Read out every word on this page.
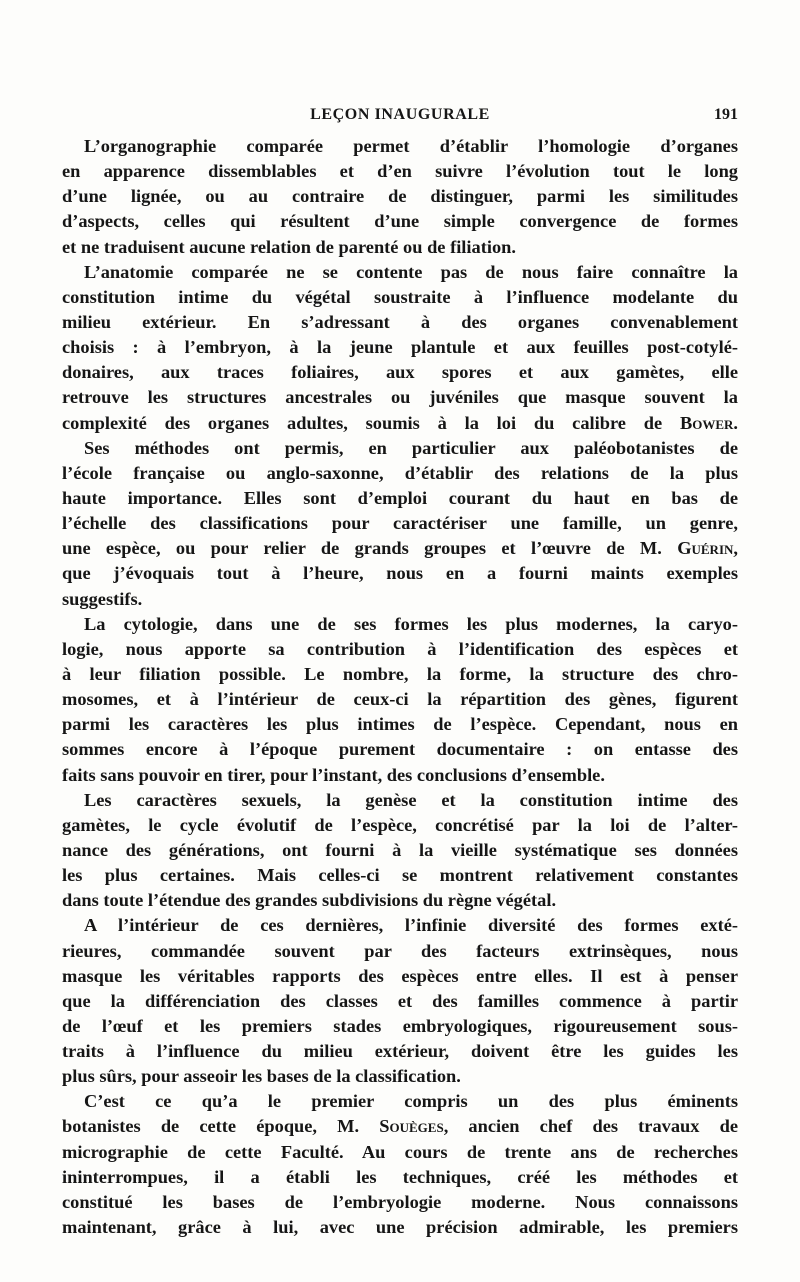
LEÇON INAUGURALE	191
L’organographie comparée permet d’établir l’homologie d’organes
en apparence dissemblables et d’en suivre l’évolution tout le long
d’une lignée, ou au contraire de distinguer, parmi les similitudes
d’aspects, celles qui résultent d’une simple convergence de formes
et ne traduisent aucune relation de parenté ou de filiation.
L’anatomie comparée ne se contente pas de nous faire connaître la
constitution intime du végétal soustraite à l’influence modelante du
milieu extérieur. En s’adressant à des organes convenablement
choisis : à l’embryon, à la jeune plantule et aux feuilles post-cotylé-
donaires, aux traces foliaires, aux spores et aux gamètes, elle
retrouve les structures ancestrales ou juvéniles que masque souvent la
complexité des organes adultes, soumis à la loi du calibre de Bower.
Ses méthodes ont permis, en particulier aux paléobotanistes de
l’école française ou anglo-saxonne, d’établir des relations de la plus
haute importance. Elles sont d’emploi courant du haut en bas de
l’échelle des classifications pour caractériser une famille, un genre,
une espèce, ou pour relier de grands groupes et l’œuvre de M. Guérin,
que j’évoquais tout à l’heure, nous en a fourni maints exemples
suggestifs.
La cytologie, dans une de ses formes les plus modernes, la caryo-
logie, nous apporte sa contribution à l’identification des espèces et
à leur filiation possible. Le nombre, la forme, la structure des chro-
mosomes, et à l’intérieur de ceux-ci la répartition des gènes, figurent
parmi les caractères les plus intimes de l’espèce. Cependant, nous en
sommes encore à l’époque purement documentaire : on entasse des
faits sans pouvoir en tirer, pour l’instant, des conclusions d’ensemble.
Les caractères sexuels, la genèse et la constitution intime des
gamètes, le cycle évolutif de l’espèce, concrétisé par la loi de l’alter-
nance des générations, ont fourni à la vieille systématique ses données
les plus certaines. Mais celles-ci se montrent relativement constantes
dans toute l’étendue des grandes subdivisions du règne végétal.
A l’intérieur de ces dernières, l’infinie diversité des formes exté-
rieures, commandée souvent par des facteurs extrinsèques, nous
masque les véritables rapports des espèces entre elles. Il est à penser
que la différenciation des classes et des familles commence à partir
de l’œuf et les premiers stades embryologiques, rigoureusement sous-
traits à l’influence du milieu extérieur, doivent être les guides les
plus sûrs, pour asseoir les bases de la classification.
C’est ce qu’a le premier compris un des plus éminents
botanistes de cette époque, M. Souèges, ancien chef des travaux de
micrographie de cette Faculté. Au cours de trente ans de recherches
ininterrompues, il a établi les techniques, créé les méthodes et
constitué les bases de l’embryologie moderne. Nous connaissons
maintenant, grâce à lui, avec une précision admirable, les premiers
